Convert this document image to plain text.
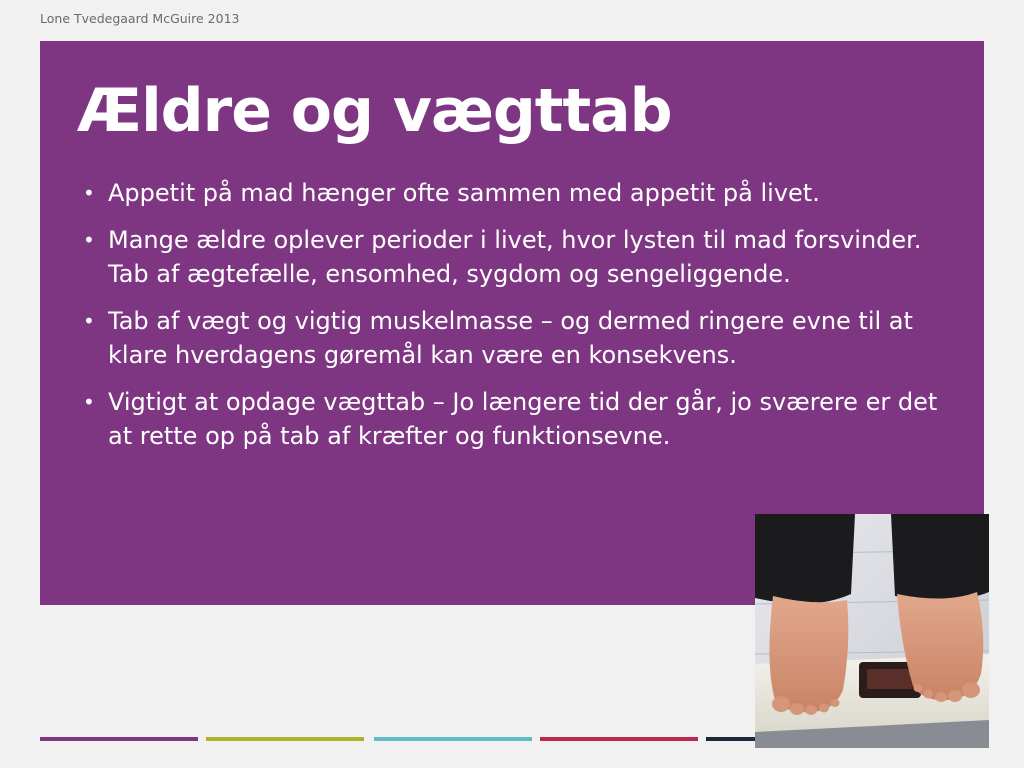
Lone Tvedegaard McGuire 2013
Ældre og vægttab
• Appetit på mad hænger ofte sammen med appetit på livet.
• Mange ældre oplever perioder i livet, hvor lysten til mad forsvinder. Tab af ægtefælle, ensomhed, sygdom og sengeliggende.
• Tab af vægt og vigtig muskelmasse – og dermed ringere evne til at klare hverdagens gøremål kan være en konsekvens.
• Vigtigt at opdage vægttab – Jo længere tid der går, jo sværere er det at rette op på tab af kræfter og funktionsevne.
